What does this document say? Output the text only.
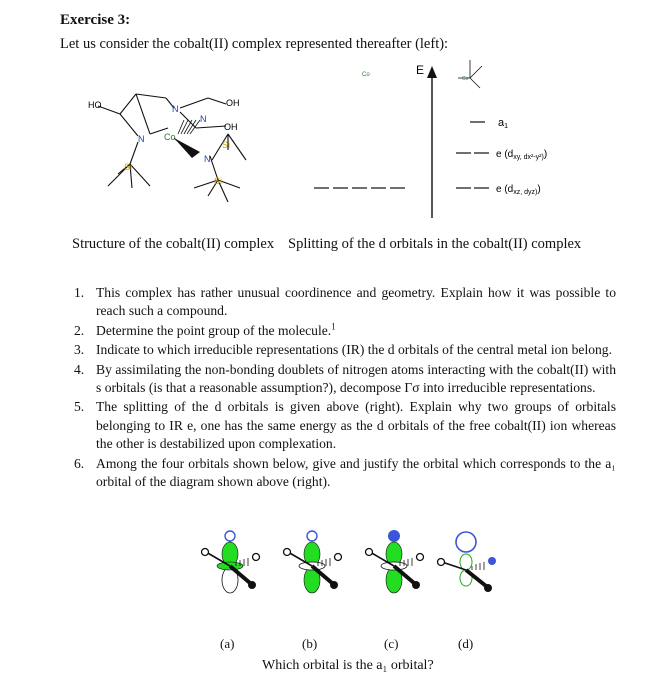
Exercise 3:
Let us consider the cobalt(II) complex represented thereafter (left):
HO	N
OH
N
OH
N Co
Si
Si
N
Si
Co	E
a1
e $(d_{xy, dx^2-y^2)})$
e $(d_{xz, dyz)})$
Co
Structure of the cobalt(II) complex Splitting of the d orbitals in the cobalt(II) complex
1. This complex has rather unusual coordinence and geometry. Explain how it was possible to reach such a compound.
2. Determine the point group of the molecule.$^1$
3. Indicate to which irreducible representations (IR) the d orbitals of the central metal ion belong.
4. By assimilating the non-bonding doublets of nitrogen atoms interacting with the cobalt(II) with s orbitals (is that a reasonable assumption?), decompose Γσ into irreducible representations.
5. The splitting of the d orbitals is given above (right). Explain why two groups of orbitals belonging to IR e, one has the same energy as the d orbitals of the free cobalt(II) ion whereas the other is destabilized upon complexation.
6. Among the four orbitals shown below, give and justify the orbital which corresponds to the a₁ orbital of the diagram shown above (right).
(a)	(b)	(c)	(d)
Which orbital is the a₁ orbital?
